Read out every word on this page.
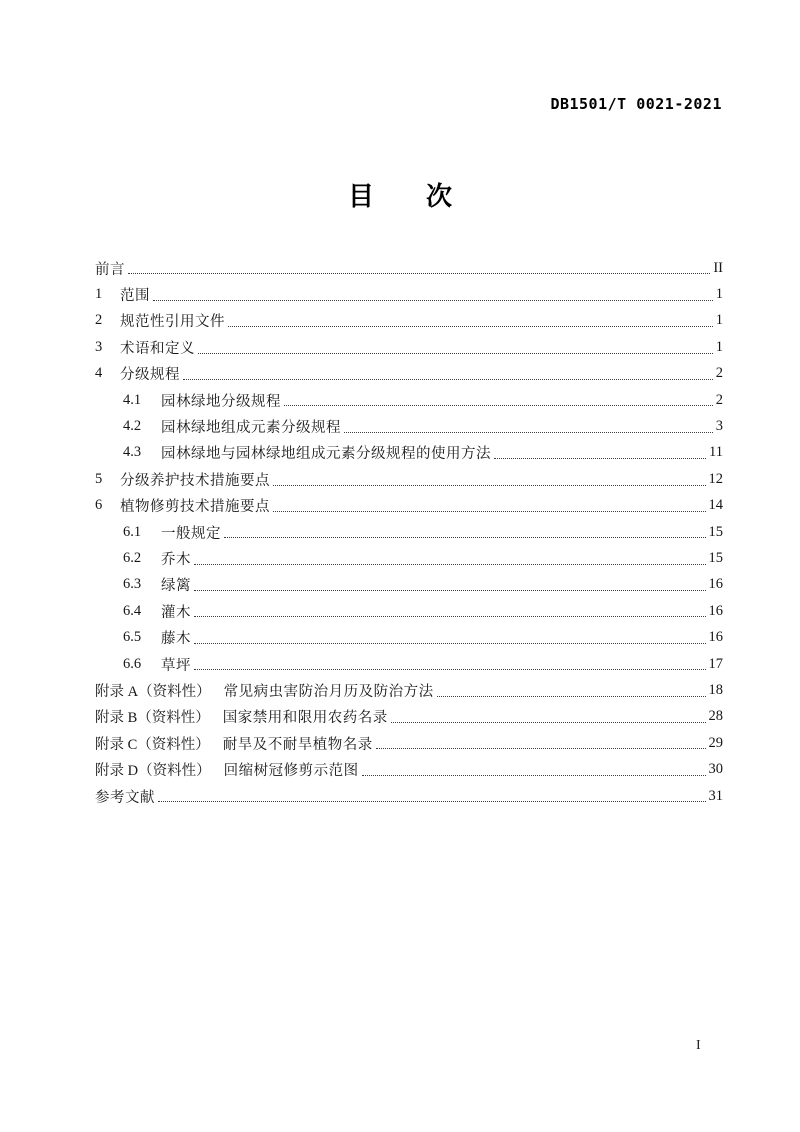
DB1501/T 0021-2021
目　　次
前言	II
1	范围	1
2	规范性引用文件	1
3	术语和定义	1
4	分级规程	2
4.1	园林绿地分级规程	2
4.2	园林绿地组成元素分级规程	3
4.3	园林绿地与园林绿地组成元素分级规程的使用方法	11
5	分级养护技术措施要点	12
6	植物修剪技术措施要点	14
6.1	一般规定	15
6.2	乔木	15
6.3	绿篱	16
6.4	灌木	16
6.5	藤木	16
6.6	草坪	17
附录 A（资料性） 常见病虫害防治月历及防治方法	18
附录 B（资料性） 国家禁用和限用农药名录	28
附录 C（资料性） 耐旱及不耐旱植物名录	29
附录 D（资料性） 回缩树冠修剪示范图	30
参考文献	31
I
